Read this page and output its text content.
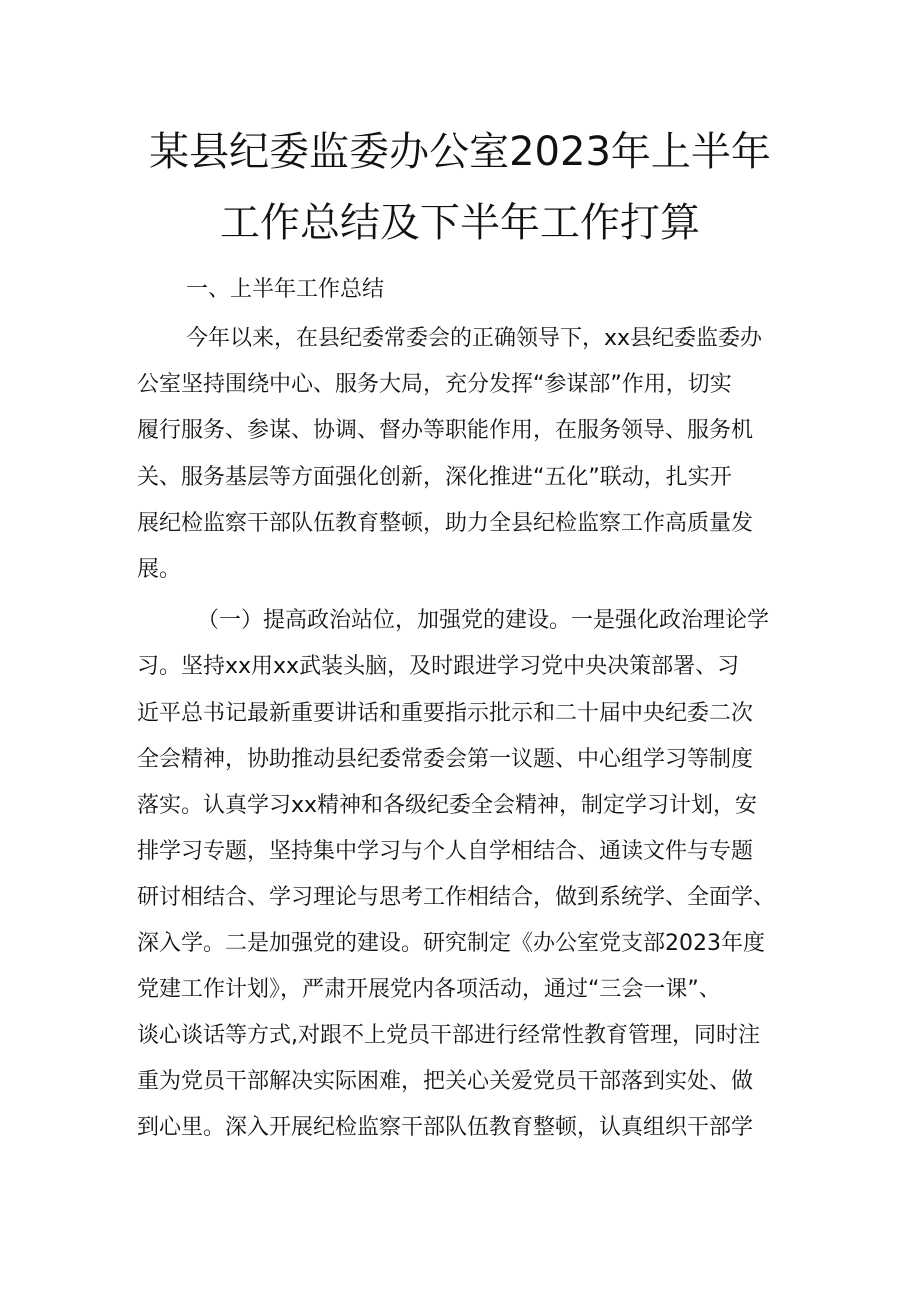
某县纪委监委办公室2023年上半年
工作总结及下半年工作打算
一、上半年工作总结
今年以来，在县纪委常委会的正确领导下，xx县纪委监委办
公室坚持围绕中心、服务大局，充分发挥“参谋部”作用，切实
履行服务、参谋、协调、督办等职能作用，在服务领导、服务机
关、服务基层等方面强化创新，深化推进“五化”联动，扎实开
展纪检监察干部队伍教育整顿，助力全县纪检监察工作高质量发
展。
（一）提高政治站位，加强党的建设。一是强化政治理论学
习。坚持xx用xx武装头脑，及时跟进学习党中央决策部署、习
近平总书记最新重要讲话和重要指示批示和二十届中央纪委二次
全会精神，协助推动县纪委常委会第一议题、中心组学习等制度
落实。认真学习xx精神和各级纪委全会精神，制定学习计划，安
排学习专题，坚持集中学习与个人自学相结合、通读文件与专题
研讨相结合、学习理论与思考工作相结合，做到系统学、全面学、
深入学。二是加强党的建设。研究制定《办公室党支部2023年度
党建工作计划》，严肃开展党内各项活动，通过“三会一课”、
谈心谈话等方式,对跟不上党员干部进行经常性教育管理，同时注
重为党员干部解决实际困难，把关心关爱党员干部落到实处、做
到心里。深入开展纪检监察干部队伍教育整顿，认真组织干部学
